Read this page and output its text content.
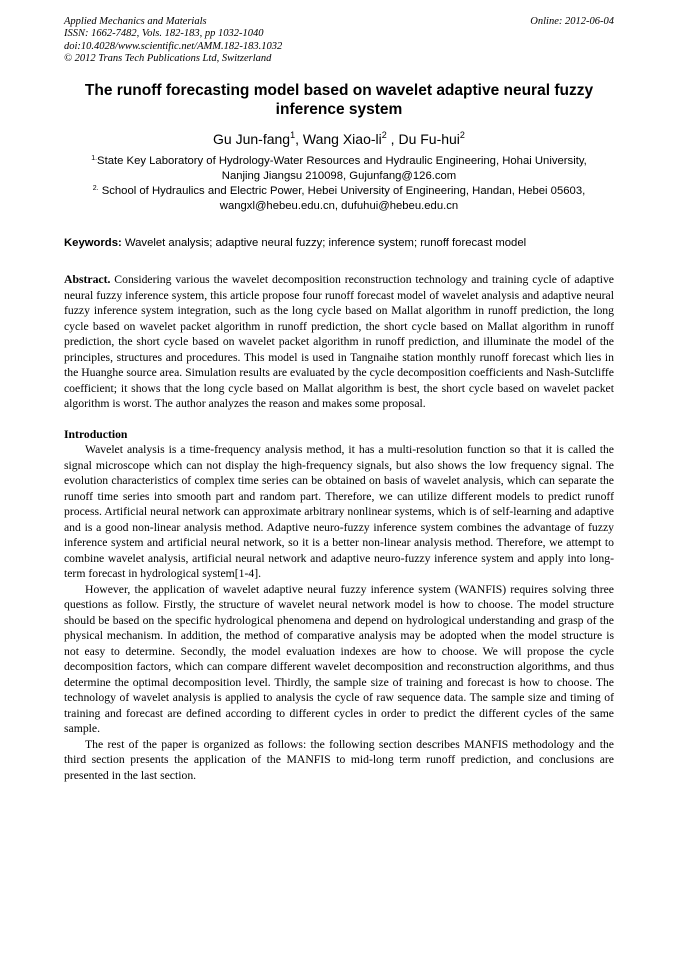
Applied Mechanics and Materials
ISSN: 1662-7482, Vols. 182-183, pp 1032-1040
doi:10.4028/www.scientific.net/AMM.182-183.1032
© 2012 Trans Tech Publications Ltd, Switzerland
Online: 2012-06-04
The runoff forecasting model based on wavelet adaptive neural fuzzy
inference system
Gu Jun-fang$^1$, Wang Xiao-$li^2$ , Du Fu-hui$^2$
$^{1.}$State Key Laboratory of Hydrology-Water Resources and Hydraulic Engineering, Hohai University,
Nanjing Jiangsu 210098, Gujunfang@126.com
$^{2.}$ School of Hydraulics and Electric Power, Hebei University of Engineering, Handan, Hebei 05603,
wangxl@hebeu.edu.cn, dufuhui@hebeu.edu.cn
Keywords: Wavelet analysis; adaptive neural fuzzy; inference system; runoff forecast model

Abstract. Considering various the wavelet decomposition reconstruction technology and training cycle of adaptive neural fuzzy inference system, this article propose four runoff forecast model of wavelet analysis and adaptive neural fuzzy inference system integration, such as the long cycle based on Mallat algorithm in runoff prediction, the long cycle based on wavelet packet algorithm in runoff prediction, the short cycle based on Mallat algorithm in runoff prediction, the short cycle based on wavelet packet algorithm in runoff prediction, and illuminate the model of the principles, structures and procedures. This model is used in Tangnaihe station monthly runoff forecast which lies in the Huanghe source area. Simulation results are evaluated by the cycle decomposition coefficients and Nash-Sutcliffe coefficient; it shows that the long cycle based on Mallat algorithm is best, the short cycle based on wavelet packet algorithm is worst. The author analyzes the reason and makes some proposal.

Introduction

Wavelet analysis is a time-frequency analysis method, it has a multi-resolution function so that it is called the signal microscope which can not display the high-frequency signals, but also shows the low frequency signal. The evolution characteristics of complex time series can be obtained on basis of wavelet analysis, which can separate the runoff time series into smooth part and random part. Therefore, we can utilize different models to predict runoff process. Artificial neural network can approximate arbitrary nonlinear systems, which is of self-learning and adaptive and is a good non-linear analysis method. Adaptive neuro-fuzzy inference system combines the advantage of fuzzy inference system and artificial neural network, so it is a better non-linear analysis method. Therefore, we attempt to combine wavelet analysis, artificial neural network and adaptive neuro-fuzzy inference system and apply into long-term forecast in hydrological system[1-4].

However, the application of wavelet adaptive neural fuzzy inference system (WANFIS) requires solving three questions as follow. Firstly, the structure of wavelet neural network model is how to choose. The model structure should be based on the specific hydrological phenomena and depend on hydrological understanding and grasp of the physical mechanism. In addition, the method of comparative analysis may be adopted when the model structure is not easy to determine. Secondly, the model evaluation indexes are how to choose. We will propose the cycle decomposition factors, which can compare different wavelet decomposition and reconstruction algorithms, and thus determine the optimal decomposition level. Thirdly, the sample size of training and forecast is how to choose. The technology of wavelet analysis is applied to analysis the cycle of raw sequence data. The sample size and timing of training and forecast are defined according to different cycles in order to predict the different cycles of the same sample.

The rest of the paper is organized as follows: the following section describes MANFIS methodology and the third section presents the application of the MANFIS to mid-long term runoff prediction, and conclusions are presented in the last section.
